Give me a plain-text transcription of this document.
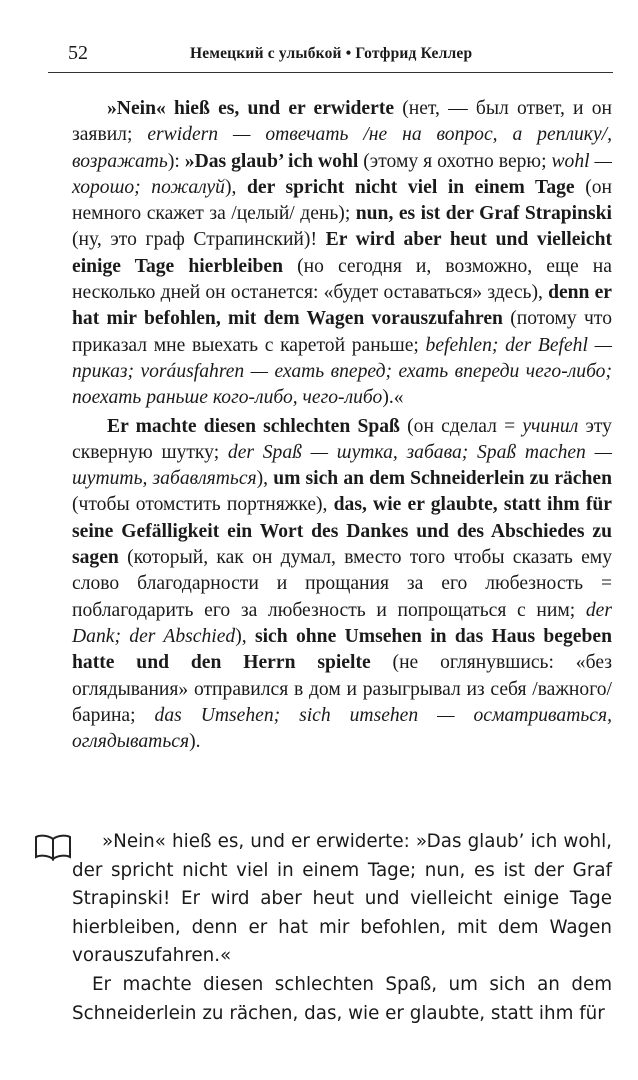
52	Немецкий с улыбкой • Готфрид Келлер

»Nein« hieß es, und er erwiderte (нет, — был ответ, и он заявил; erwidern — отвечать /не на вопрос, а реплику/, возражать): »Das glaub’ ich wohl (этому я охотно верю; wohl — хорошо; пожалуй), der spricht nicht viel in einem Tage (он немного скажет за /целый/ день); nun, es ist der Graf Strapinski (ну, это граф Страпинский)! Er wird aber heut und vielleicht einige Tage hierbleiben (но сегодня и, возможно, еще на несколько дней он останется: «будет оставаться» здесь), denn er hat mir befohlen, mit dem Wagen vorauszufahren (потому что приказал мне выехать с каретой раньше; befehlen; der Befehl — приказ; voráusfahren — ехать вперед; ехать впереди чего-либо; поехать раньше кого-либо, чего-либо).«

Er machte diesen schlechten Spaß (он сделал = учинил эту скверную шутку; der Spaß — шутка, забава; Spaß machen — шутить, забавляться), um sich an dem Schneiderlein zu rächen (чтобы отомстить портняжке), das, wie er glaubte, statt ihm für seine Gefälligkeit ein Wort des Dankes und des Abschiedes zu sagen (который, как он думал, вместо того чтобы сказать ему слово благодарности и прощания за его любезность = поблагодарить его за любезность и попрощаться с ним; der Dank; der Abschied), sich ohne Umsehen in das Haus begeben hatte und den Herrn spielte (не оглянувшись: «без оглядывания» отправился в дом и разыгрывал из себя /важного/ барина; das Umsehen; sich umsehen — осматриваться, оглядываться).

»Nein« hieß es, und er erwiderte: »Das glaub’ ich wohl, der spricht nicht viel in einem Tage; nun, es ist der Graf Strapinski! Er wird aber heut und vielleicht einige Tage hierbleiben, denn er hat mir befohlen, mit dem Wagen vorauszufahren.«

Er machte diesen schlechten Spaß, um sich an dem Schneiderlein zu rächen, das, wie er glaubte, statt ihm für
